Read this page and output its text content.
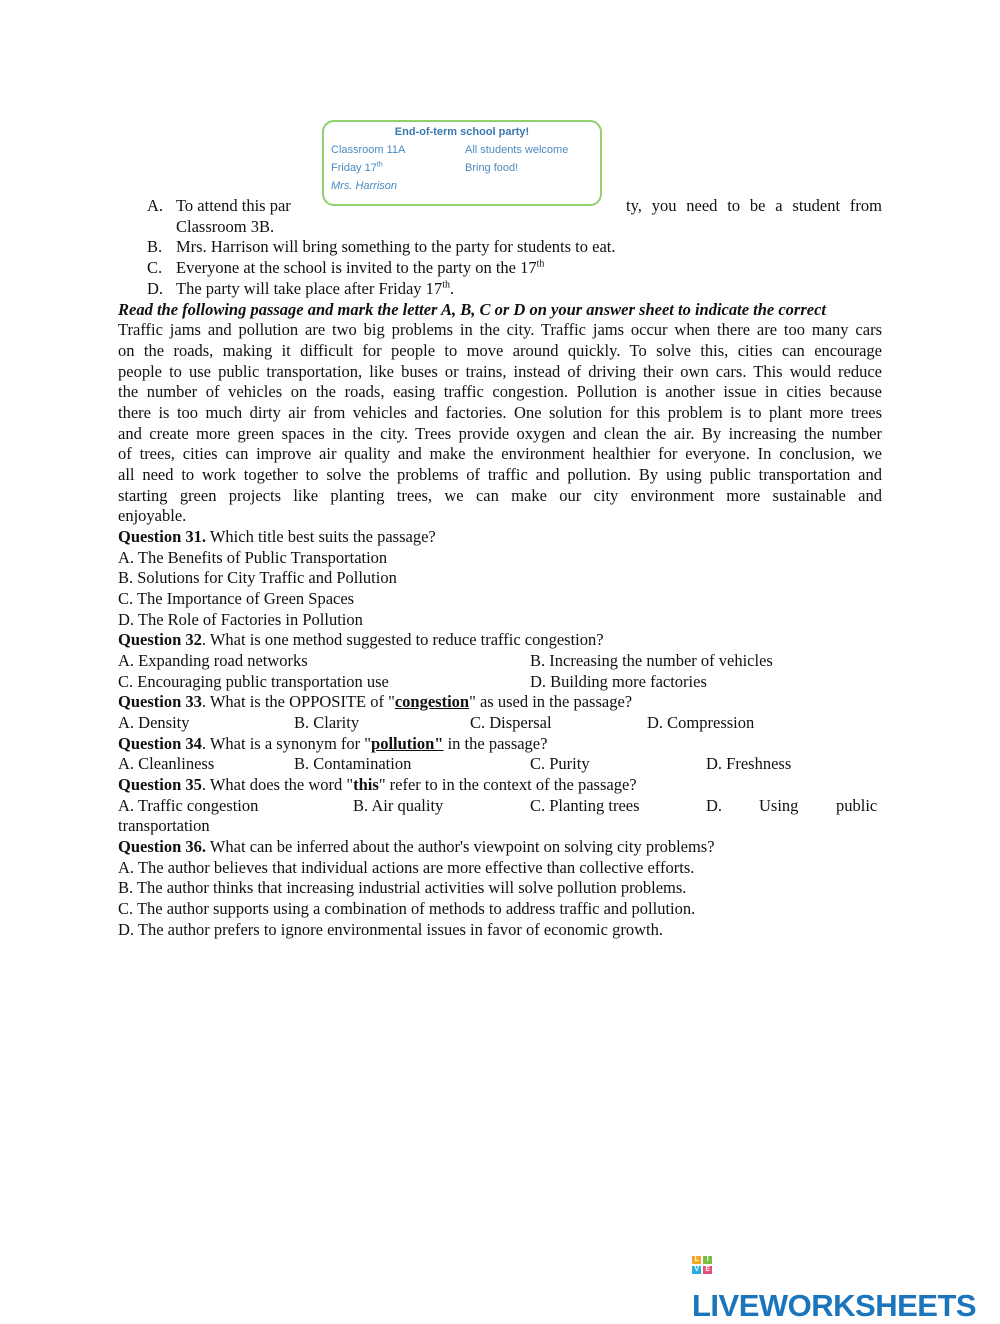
End-of-term school party!
Classroom 11A	All students welcome
Friday 17th	Bring food!
Mrs. Harrison
A. To attend this par	ty, you need to be a student from
Classroom 3B.
B. Mrs. Harrison will bring something to the party for students to eat.
C. Everyone at the school is invited to the party on the 17th
D. The party will take place after Friday 17th.
Read the following passage and mark the letter A, B, C or D on your answer sheet to indicate the correct
Traffic jams and pollution are two big problems in the city. Traffic jams occur when there are too many cars
on the roads, making it difficult for people to move around quickly. To solve this, cities can encourage
people to use public transportation, like buses or trains, instead of driving their own cars. This would reduce
the number of vehicles on the roads, easing traffic congestion. Pollution is another issue in cities because
there is too much dirty air from vehicles and factories. One solution for this problem is to plant more trees
and create more green spaces in the city. Trees provide oxygen and clean the air. By increasing the number
of trees, cities can improve air quality and make the environment healthier for everyone. In conclusion, we
all need to work together to solve the problems of traffic and pollution. By using public transportation and
starting green projects like planting trees, we can make our city environment more sustainable and
enjoyable.
Question 31. Which title best suits the passage?
A. The Benefits of Public Transportation
B. Solutions for City Traffic and Pollution
C. The Importance of Green Spaces
D. The Role of Factories in Pollution
Question 32. What is one method suggested to reduce traffic congestion?
A. Expanding road networks	B. Increasing the number of vehicles
C. Encouraging public transportation use	D. Building more factories
Question 33. What is the OPPOSITE of "congestion" as used in the passage?
A. Density	B. Clarity	C. Dispersal	D. Compression
Question 34. What is a synonym for "pollution" in the passage?
A. Cleanliness	B. Contamination	C. Purity	D. Freshness
Question 35. What does the word "this" refer to in the context of the passage?
A. Traffic congestion	B. Air quality	C. Planting trees	D. Using public
transportation
Question 36. What can be inferred about the author's viewpoint on solving city problems?
A. The author believes that individual actions are more effective than collective efforts.
B. The author thinks that increasing industrial activities will solve pollution problems.
C. The author supports using a combination of methods to address traffic and pollution.
D. The author prefers to ignore environmental issues in favor of economic growth.
L	I
V E
LIVEWORKSHEETS
